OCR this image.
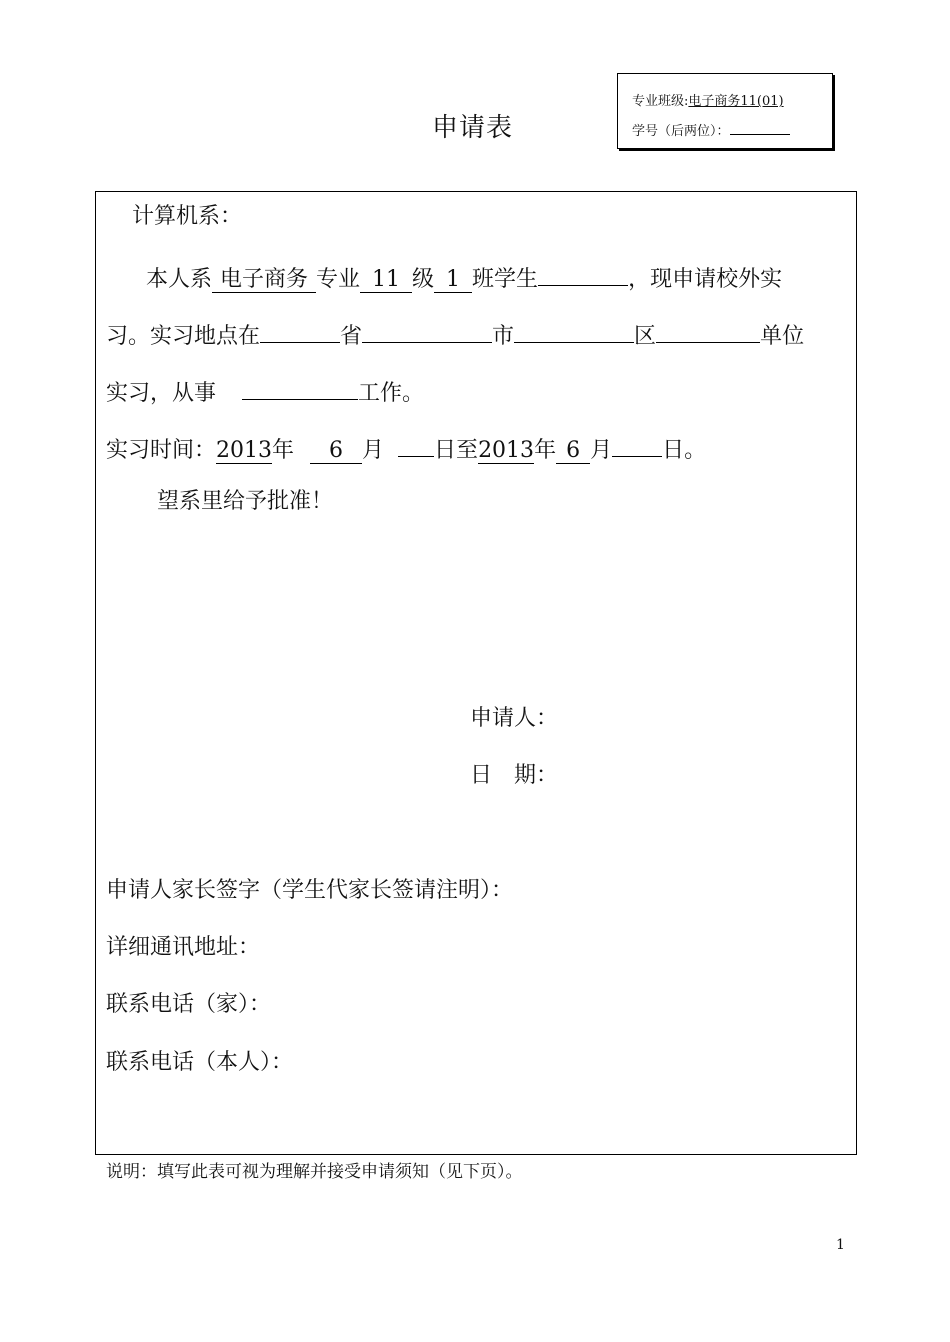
申请表
专业班级:电子商务11(01)
学号（后两位）：
计算机系：
本人系 电子商务 专业 11 级 1 班学生	，现申请校外实
习。实习地点在	省	市	区	单位
实习，从事	工作。
实习时间：2013年 6 月 日至2013年 6 月 日。
望系里给予批准！
申请人：
日　期：
申请人家长签字（学生代家长签请注明）：
详细通讯地址：
联系电话（家）：
联系电话（本人）：
说明：填写此表可视为理解并接受申请须知（见下页）。
1
